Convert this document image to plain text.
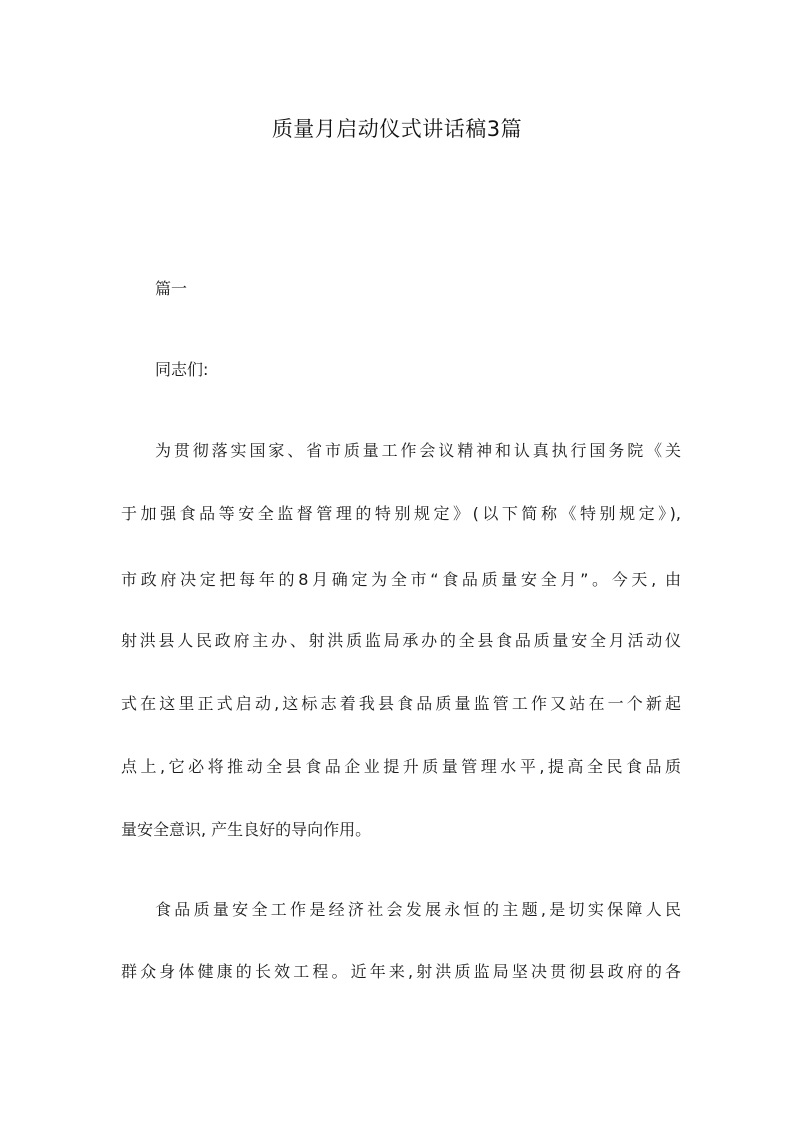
质量月启动仪式讲话稿3篇
篇一
同志们:
为贯彻落实国家、省市质量工作会议精神和认真执行国务院《关
于加强食品等安全监督管理的特别规定》(以下简称《特别规定》),
市政府决定把每年的8月确定为全市“食品质量安全月”。今天, 由
射洪县人民政府主办、射洪质监局承办的全县食品质量安全月活动仪
式在这里正式启动,这标志着我县食品质量监管工作又站在一个新起
点上,它必将推动全县食品企业提升质量管理水平,提高全民食品质
量安全意识, 产生良好的导向作用。
食品质量安全工作是经济社会发展永恒的主题,是切实保障人民
群众身体健康的长效工程。近年来,射洪质监局坚决贯彻县政府的各
